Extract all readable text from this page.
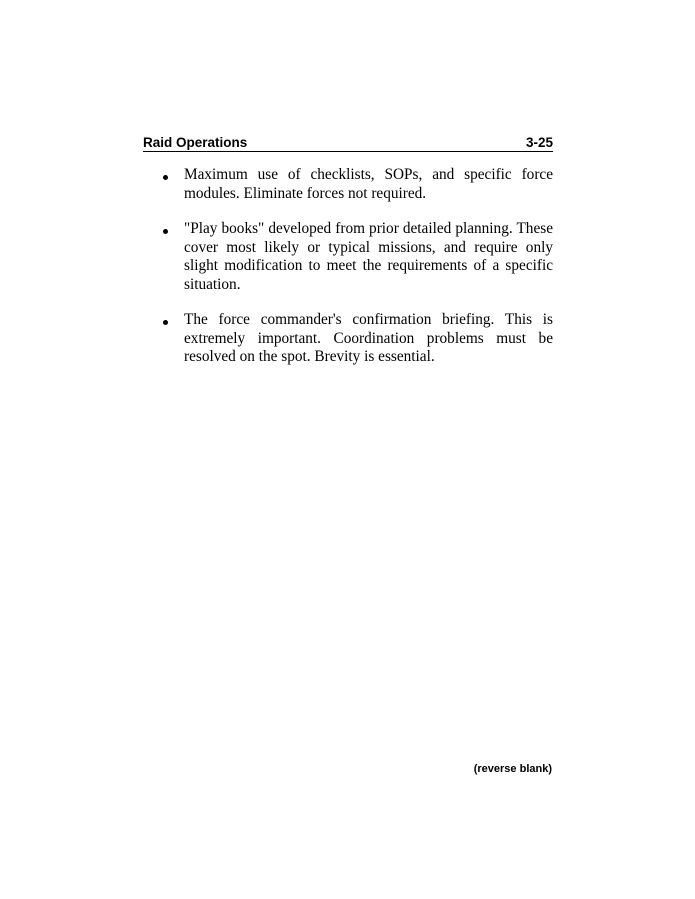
Raid Operations	3-25
Maximum use of checklists, SOPs, and specific force modules. Eliminate forces not required.
"Play books" developed from prior detailed planning. These cover most likely or typical missions, and require only slight modification to meet the requirements of a specific situation.
The force commander's confirmation briefing. This is extremely important. Coordination problems must be resolved on the spot. Brevity is essential.
(reverse blank)
